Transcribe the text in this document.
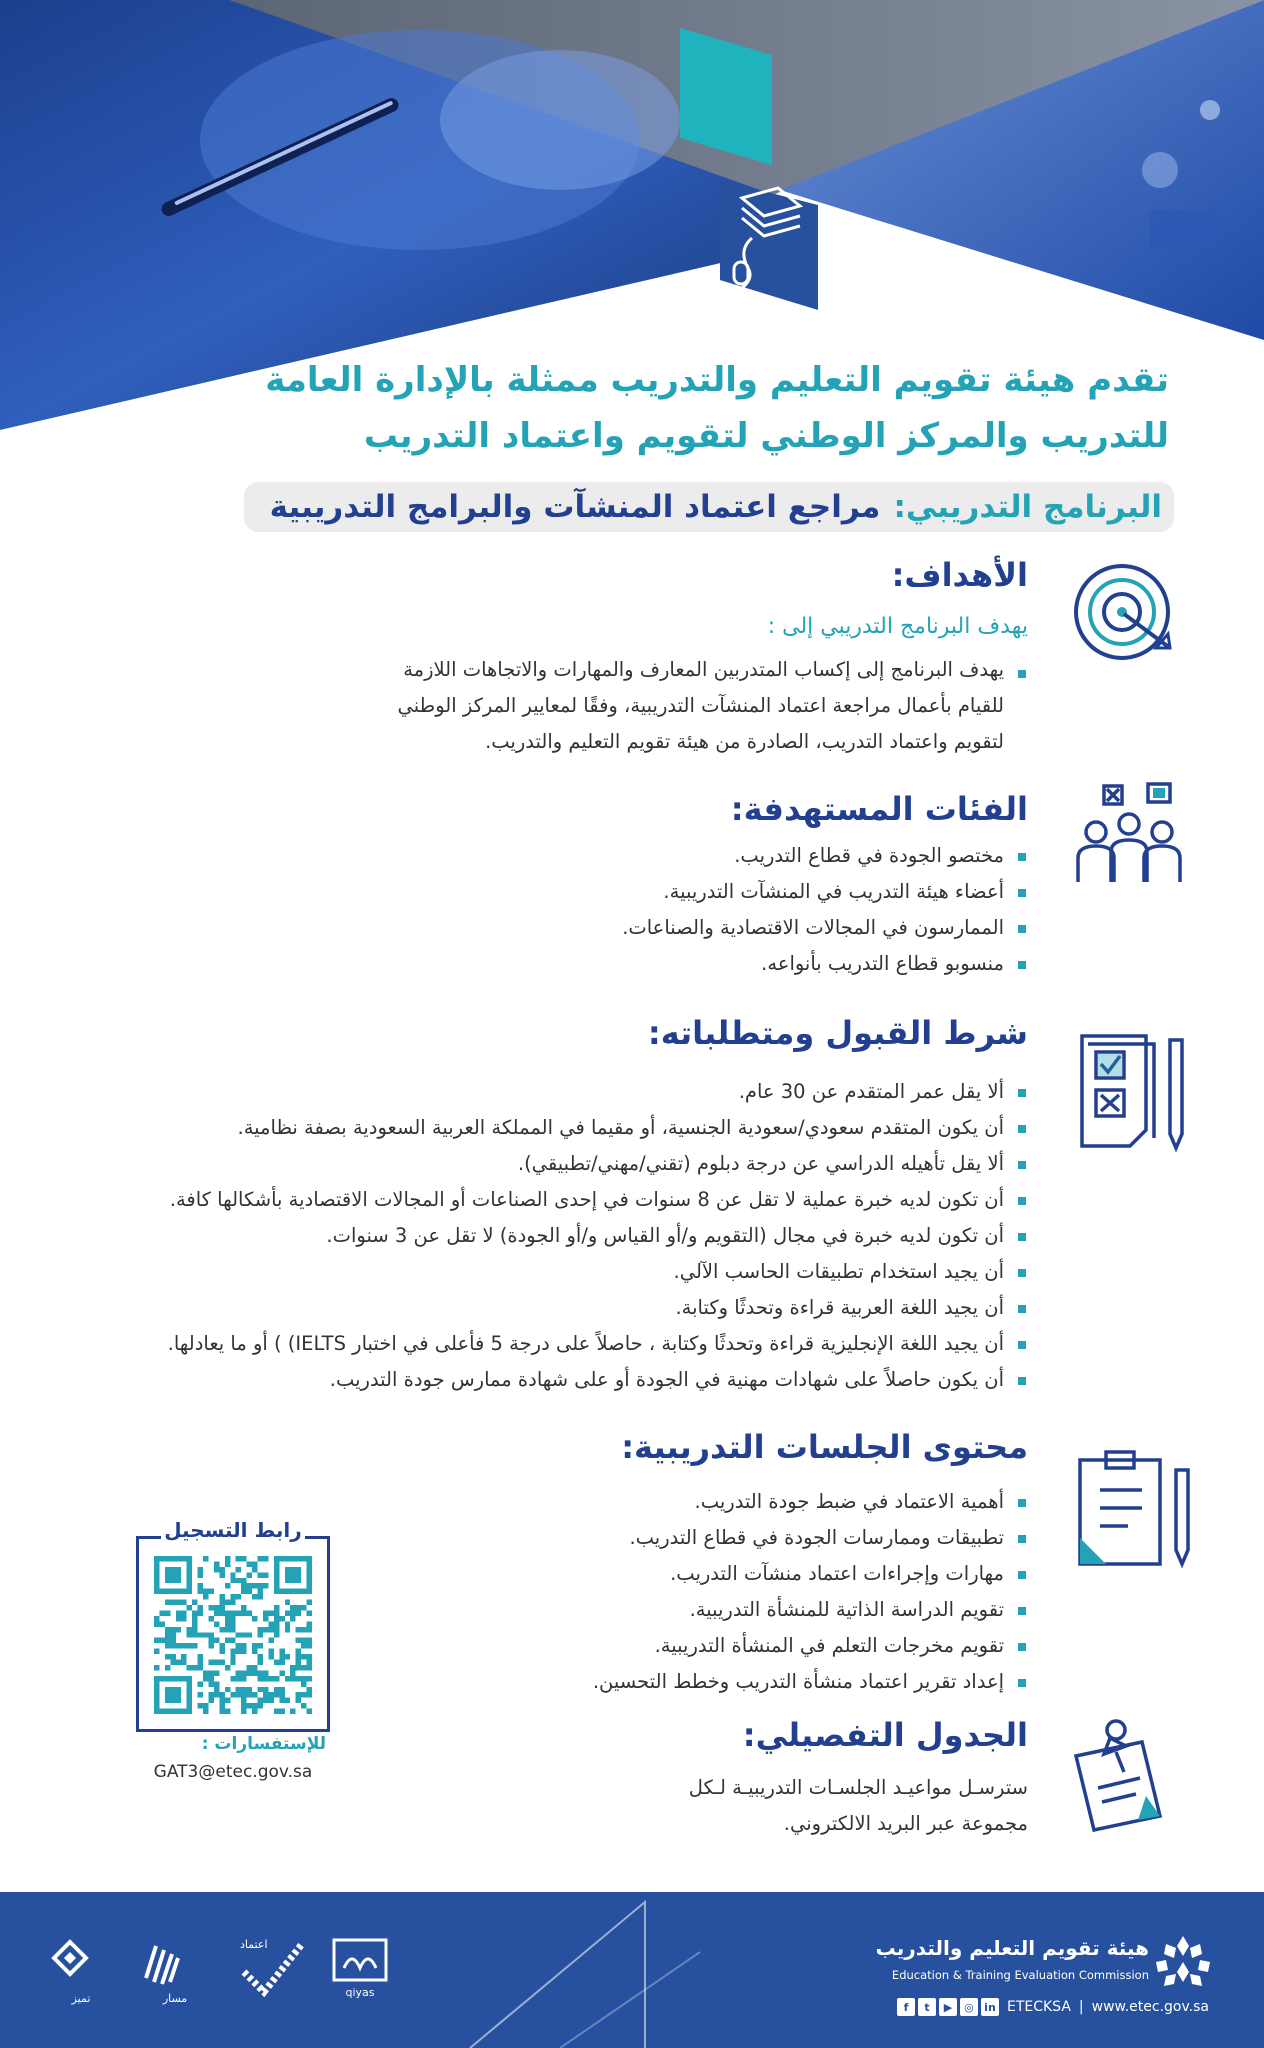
تقدم هيئة تقويم التعليم والتدريب ممثلة بالإدارة العامة
للتدريب والمركز الوطني لتقويم واعتماد التدريب
البرنامج التدريبي: مراجع اعتماد المنشآت والبرامج التدريبية
الأهداف:
يهدف البرنامج التدريبي إلى :
يهدف البرنامج إلى إكساب المتدربين المعارف والمهارات والاتجاهات اللازمة
للقيام بأعمال مراجعة اعتماد المنشآت التدريبية، وفقًا لمعايير المركز الوطني
لتقويم واعتماد التدريب، الصادرة من هيئة تقويم التعليم والتدريب.
الفئات المستهدفة:
مختصو الجودة في قطاع التدريب.
أعضاء هيئة التدريب في المنشآت التدريبية.
الممارسون في المجالات الاقتصادية والصناعات.
منسوبو قطاع التدريب بأنواعه.
شرط القبول ومتطلباته:
ألا يقل عمر المتقدم عن 30 عام.
أن يكون المتقدم سعودي/سعودية الجنسية، أو مقيما في المملكة العربية السعودية بصفة نظامية.
ألا يقل تأهيله الدراسي عن درجة دبلوم (تقني/مهني/تطبيقي).
أن تكون لديه خبرة عملية لا تقل عن 8 سنوات في إحدى الصناعات أو المجالات الاقتصادية بأشكالها كافة.
أن تكون لديه خبرة في مجال (التقويم و/أو القياس و/أو الجودة) لا تقل عن 3 سنوات.
أن يجيد استخدام تطبيقات الحاسب الآلي.
أن يجيد اللغة العربية قراءة وتحدثًا وكتابة.
أن يجيد اللغة الإنجليزية قراءة وتحدثًا وكتابة ، حاصلاً على درجة 5 فأعلى في اختبار IELTS) ) أو ما يعادلها.
أن يكون حاصلاً على شهادات مهنية في الجودة أو على شهادة ممارس جودة التدريب.
محتوى الجلسات التدريبية:
أهمية الاعتماد في ضبط جودة التدريب.
تطبيقات وممارسات الجودة في قطاع التدريب.
مهارات وإجراءات اعتماد منشآت التدريب.
تقويم الدراسة الذاتية للمنشأة التدريبية.
تقويم مخرجات التعلم في المنشأة التدريبية.
إعداد تقرير اعتماد منشأة التدريب وخطط التحسين.
الجدول التفصيلي:
سترسـل مواعيـد الجلسـات التدريبيـة لـكل
مجموعة عبر البريد الالكتروني.
رابط التسجيل
للإستفسارات :
GAT3@etec.gov.sa
هيئة تقويم التعليم والتدريب
Education & Training Evaluation Commission
www.etec.gov.sa
|
ETECKSA
f	t	▶	◎ in
qiyas
اعتماد
مسار
تميز
